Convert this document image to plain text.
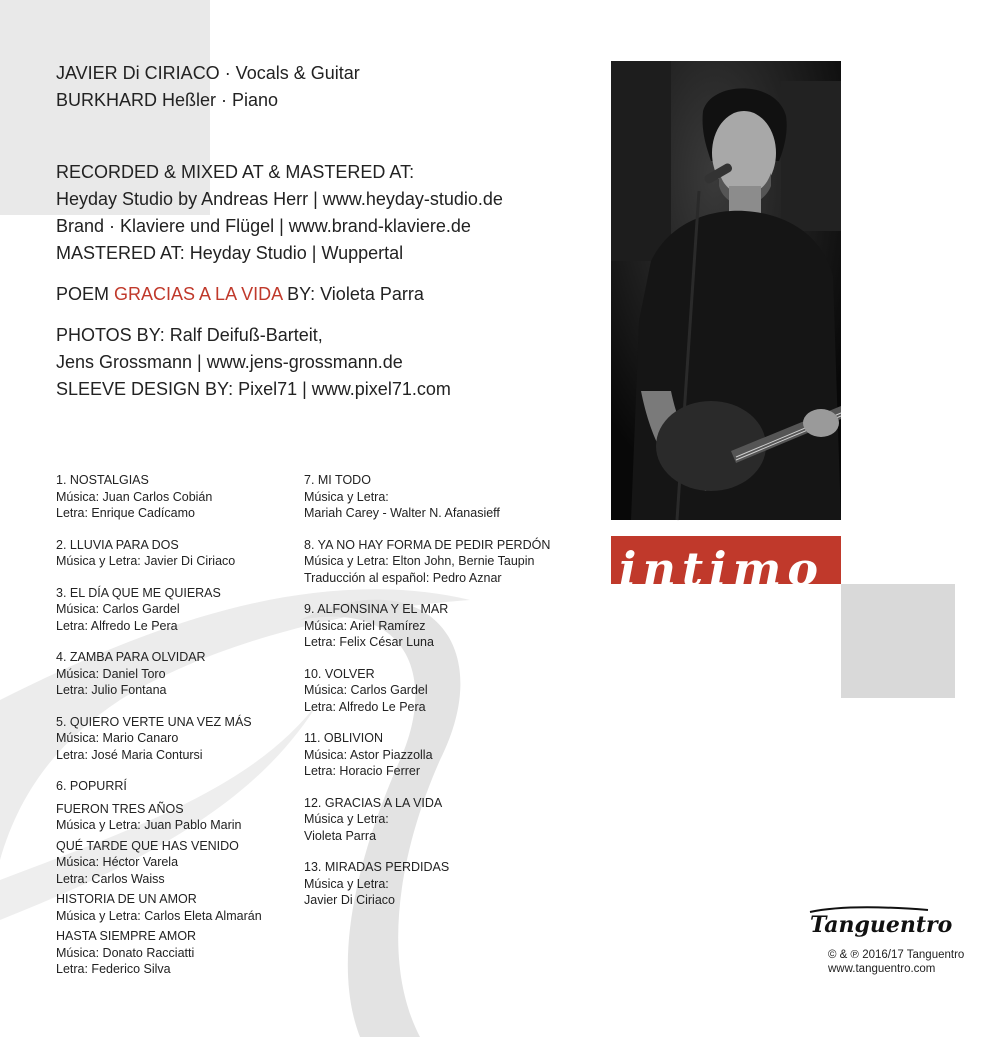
JAVIER Di CIRIACO · Vocals & Guitar
BURKHARD Heßler · Piano
RECORDED & MIXED AT & MASTERED AT:
Heyday Studio by Andreas Herr | www.heyday-studio.de
Brand · Klaviere und Flügel | www.brand-klaviere.de
MASTERED AT: Heyday Studio | Wuppertal
POEM GRACIAS A LA VIDA BY: Violeta Parra
PHOTOS BY: Ralf Deifuß-Barteit,
Jens Grossmann | www.jens-grossmann.de
SLEEVE DESIGN BY: Pixel71 | www.pixel71.com
1. NOSTALGIAS
Música: Juan Carlos Cobián
Letra: Enrique Cadícamo
2. LLUVIA PARA DOS
Música y Letra: Javier Di Ciriaco
3. EL DÍA QUE ME QUIERAS
Música: Carlos Gardel
Letra: Alfredo Le Pera
4. ZAMBA PARA OLVIDAR
Música: Daniel Toro
Letra: Julio Fontana
5. QUIERO VERTE UNA VEZ MÁS
Música: Mario Canaro
Letra: José Maria Contursi
6. POPURRÍ
FUERON TRES AÑOS
Música y Letra: Juan Pablo Marin
QUÉ TARDE QUE HAS VENIDO
Música: Héctor Varela
Letra: Carlos Waiss
HISTORIA DE UN AMOR
Música y Letra: Carlos Eleta Almarán
HASTA SIEMPRE AMOR
Música: Donato Racciatti
Letra: Federico Silva
7. MI TODO
Música y Letra:
Mariah Carey - Walter N. Afanasieff
8. YA NO HAY FORMA DE PEDIR PERDÓN
Música y Letra: Elton John, Bernie Taupin
Traducción al español: Pedro Aznar
9. ALFONSINA Y EL MAR
Música: Ariel Ramírez
Letra: Felix César Luna
10. VOLVER
Música: Carlos Gardel
Letra: Alfredo Le Pera
11. OBLIVION
Música: Astor Piazzolla
Letra: Horacio Ferrer
12. GRACIAS A LA VIDA
Música y Letra:
Violeta Parra
13. MIRADAS PERDIDAS
Música y Letra:
Javier Di Ciriaco
intimo
Tanguentro
© & ℗ 2016/17 Tanguentro
www.tanguentro.com
